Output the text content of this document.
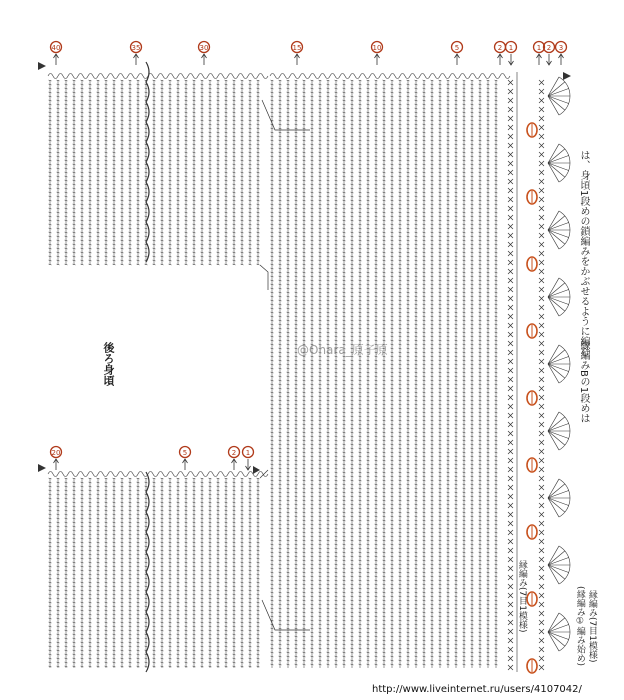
40	35	30	15	10	5	2 1	1 2 3
20	5	2 1
後ろ身頃	@Ohara_原子原
http://www.liveinternet.ru/users/4107042/
縁編みBの1段めは
は、身頃1段めの鎖編みをかぶせるように編む
縁編み(7目1模様)	(縁編み①編み始め) 縁編み(7目1模様)
